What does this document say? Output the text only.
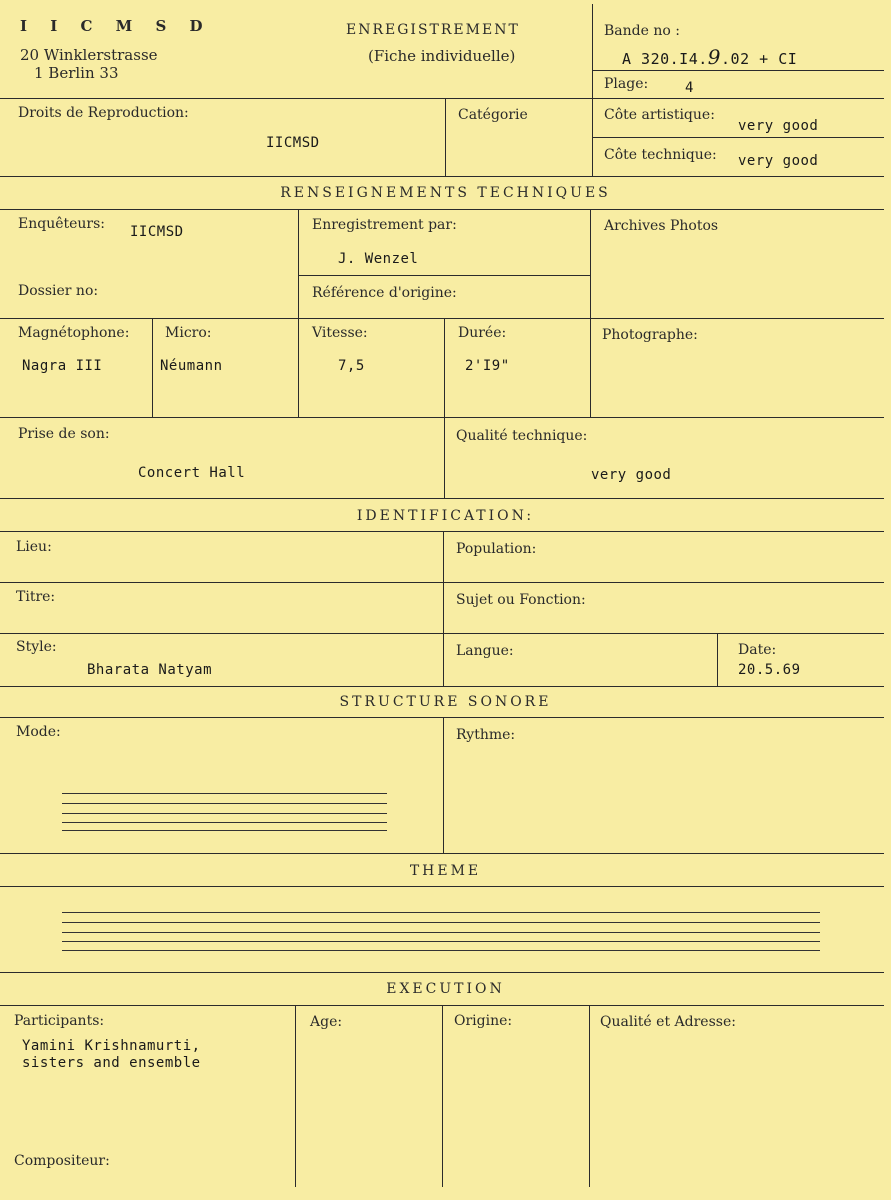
I I C M S D
20 Winklerstrasse
1 Berlin 33
ENREGISTREMENT
(Fiche individuelle)
Bande no :
A 320.I4.9.02 + CI
Plage:	4
Droits de Reproduction:
IICMSD
Catégorie	Côte artistique:
very good
Côte technique: very good
RENSEIGNEMENTS TECHNIQUES
Enquêteurs: IICMSD	Enregistrement par:
J. Wenzel
Archives Photos
Dossier no:	Référence d'origine:
Magnétophone:
Nagra III
Micro:
Néumann
Vitesse:
7,5
Durée:
2'I9"
Photographe:
Prise de son:
Concert Hall
Qualité technique:
very good
IDENTIFICATION:
Lieu:	Population:
Titre:	Sujet ou Fonction:
Style:
Bharata Natyam
Langue:	Date:
20.5.69
STRUCTURE SONORE
Mode:	Rythme:
THEME
EXECUTION
Participants:
Yamini Krishnamurti,
sisters and ensemble
Age:	Origine:	Qualité et Adresse:
Compositeur:
